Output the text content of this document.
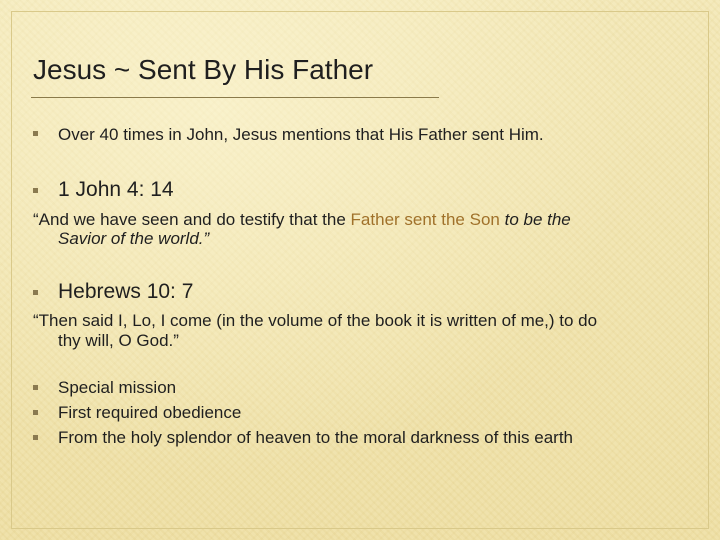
Jesus ~ Sent By His Father
Over 40 times in John, Jesus mentions that His Father sent Him.
1 John 4: 14
“And we have seen and do testify that the Father sent the Son to be the
Savior of the world.”
Hebrews 10: 7
“Then said I, Lo, I come (in the volume of the book it is written of me,) to do
thy will, O God.”
Special mission
First required obedience
From the holy splendor of heaven to the moral darkness of this earth
